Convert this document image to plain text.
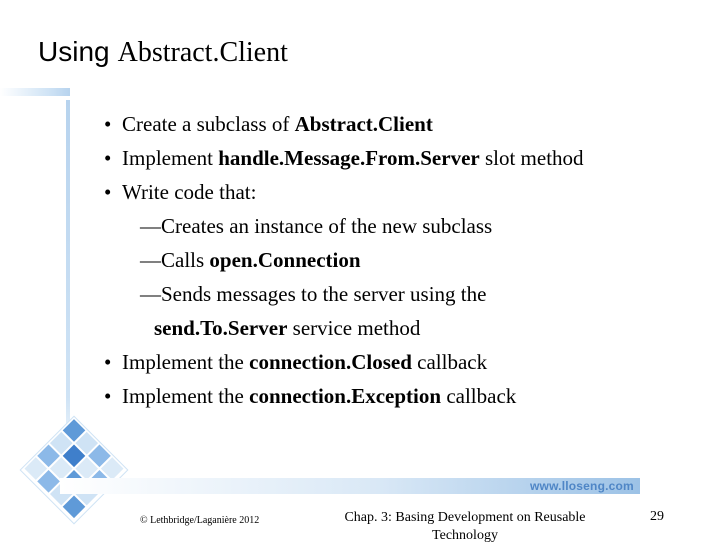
Using Abstract.Client
• Create a subclass of Abstract.Client
• Implement handle.Message.From.Server slot method
• Write code that:
—Creates an instance of the new subclass
—Calls open.Connection
—Sends messages to the server using the
send.To.Server service method
• Implement the connection.Closed callback
• Implement the connection.Exception callback
www.lloseng.com
© Lethbridge/Laganière 2012	Chap. 3: Basing Development on Reusable Technology
29
